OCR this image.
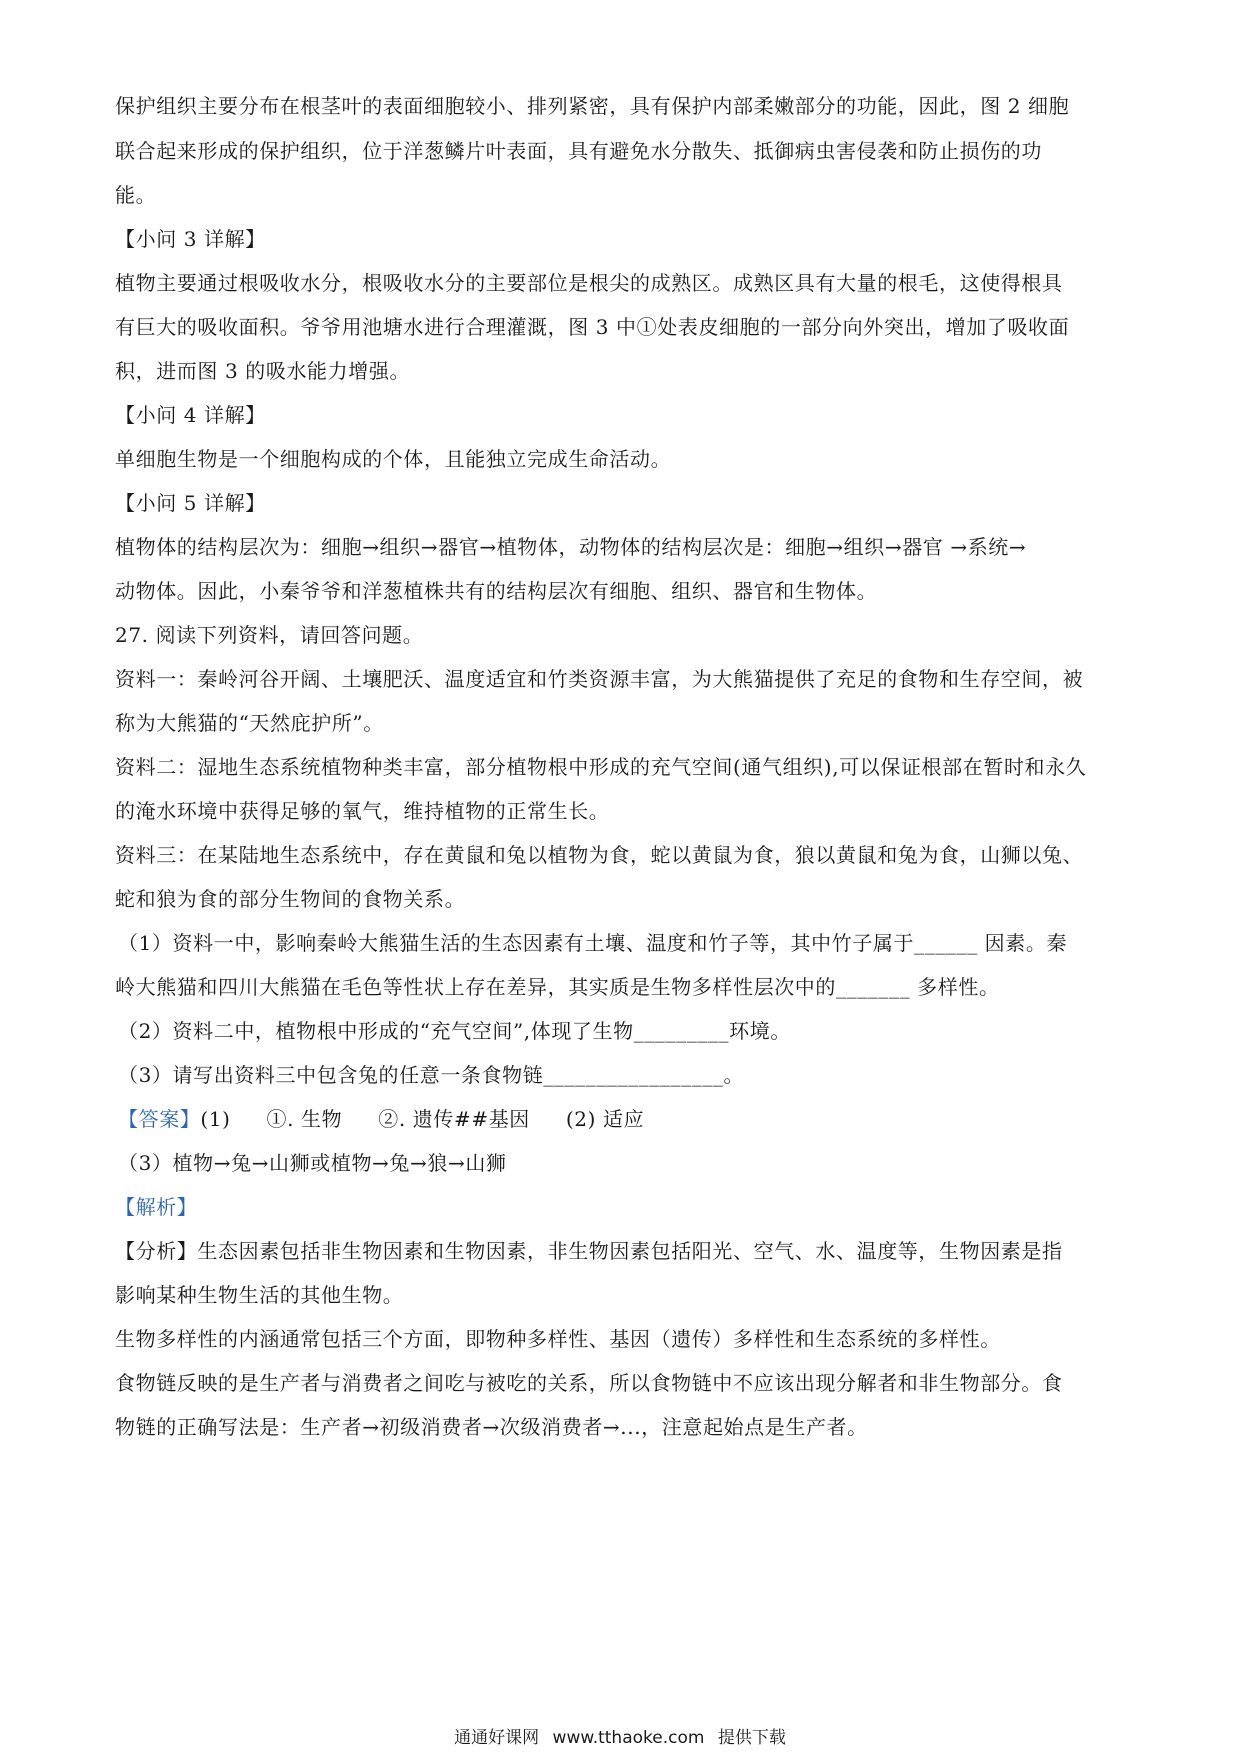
保护组织主要分布在根茎叶的表面细胞较小、排列紧密，具有保护内部柔嫩部分的功能，因此，图 2 细胞
联合起来形成的保护组织，位于洋葱鳞片叶表面，具有避免水分散失、抵御病虫害侵袭和防止损伤的功
能。
【小问 3 详解】
植物主要通过根吸收水分，根吸收水分的主要部位是根尖的成熟区。成熟区具有大量的根毛，这使得根具
有巨大的吸收面积。爷爷用池塘水进行合理灌溉，图 3 中①处表皮细胞的一部分向外突出，增加了吸收面
积，进而图 3 的吸水能力增强。
【小问 4 详解】
单细胞生物是一个细胞构成的个体，且能独立完成生命活动。
【小问 5 详解】
植物体的结构层次为：细胞→组织→器官→植物体，动物体的结构层次是：细胞→组织→器官 →系统→
动物体。因此，小秦爷爷和洋葱植株共有的结构层次有细胞、组织、器官和生物体。
27. 阅读下列资料，请回答问题。
资料一：秦岭河谷开阔、土壤肥沃、温度适宜和竹类资源丰富，为大熊猫提供了充足的食物和生存空间，被
称为大熊猫的“天然庇护所”。
资料二：湿地生态系统植物种类丰富，部分植物根中形成的充气空间(通气组织),可以保证根部在暂时和永久
的淹水环境中获得足够的氧气，维持植物的正常生长。
资料三：在某陆地生态系统中，存在黄鼠和兔以植物为食，蛇以黄鼠为食，狼以黄鼠和兔为食，山狮以兔、
蛇和狼为食的部分生物间的食物关系。
（1）资料一中，影响秦岭大熊猫生活的生态因素有土壤、温度和竹子等，其中竹子属于______ 因素。秦
岭大熊猫和四川大熊猫在毛色等性状上存在差异，其实质是生物多样性层次中的_______ 多样性。
（2）资料二中，植物根中形成的“充气空间”,体现了生物_________环境。
（3）请写出资料三中包含兔的任意一条食物链_________________。
【答案】(1) ①. 生物 ②. 遗传##基因 (2) 适应
（3）植物→兔→山狮或植物→兔→狼→山狮
【解析】
【分析】生态因素包括非生物因素和生物因素，非生物因素包括阳光、空气、水、温度等，生物因素是指
影响某种生物生活的其他生物。
生物多样性的内涵通常包括三个方面，即物种多样性、基因（遗传）多样性和生态系统的多样性。
食物链反映的是生产者与消费者之间吃与被吃的关系，所以食物链中不应该出现分解者和非生物部分。食
物链的正确写法是：生产者→初级消费者→次级消费者→...，注意起始点是生产者。
通通好课网 www.tthaoke.com 提供下载
